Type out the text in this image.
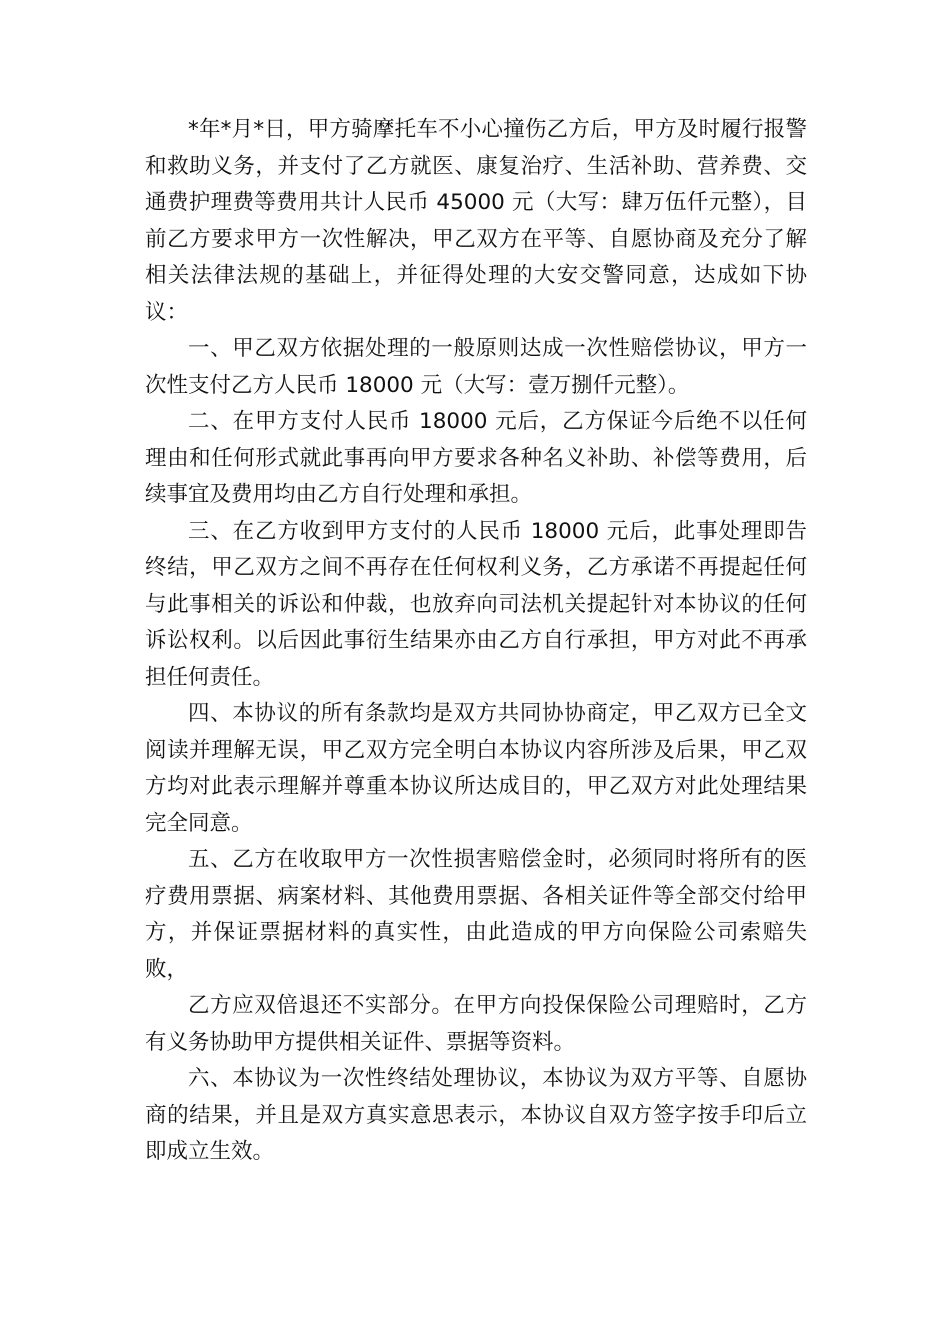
*年*月*日，甲方骑摩托车不小心撞伤乙方后，甲方及时履行报警和救助义务，并支付了乙方就医、康复治疗、生活补助、营养费、交通费护理费等费用共计人民币 45000 元（大写：肆万伍仟元整），目前乙方要求甲方一次性解决，甲乙双方在平等、自愿协商及充分了解相关法律法规的基础上，并征得处理的大安交警同意，达成如下协议：

一、甲乙双方依据处理的一般原则达成一次性赔偿协议，甲方一次性支付乙方人民币 18000 元（大写：壹万捌仟元整）。

二、在甲方支付人民币 18000 元后，乙方保证今后绝不以任何理由和任何形式就此事再向甲方要求各种名义补助、补偿等费用，后续事宜及费用均由乙方自行处理和承担。

三、在乙方收到甲方支付的人民币 18000 元后，此事处理即告终结，甲乙双方之间不再存在任何权利义务，乙方承诺不再提起任何与此事相关的诉讼和仲裁，也放弃向司法机关提起针对本协议的任何诉讼权利。以后因此事衍生结果亦由乙方自行承担，甲方对此不再承担任何责任。

四、本协议的所有条款均是双方共同协协商定，甲乙双方已全文阅读并理解无误，甲乙双方完全明白本协议内容所涉及后果，甲乙双方均对此表示理解并尊重本协议所达成目的，甲乙双方对此处理结果完全同意。

五、乙方在收取甲方一次性损害赔偿金时，必须同时将所有的医疗费用票据、病案材料、其他费用票据、各相关证件等全部交付给甲方，并保证票据材料的真实性，由此造成的甲方向保险公司索赔失败，

乙方应双倍退还不实部分。在甲方向投保保险公司理赔时，乙方有义务协助甲方提供相关证件、票据等资料。

六、本协议为一次性终结处理协议，本协议为双方平等、自愿协商的结果，并且是双方真实意思表示，本协议自双方签字按手印后立即成立生效。
